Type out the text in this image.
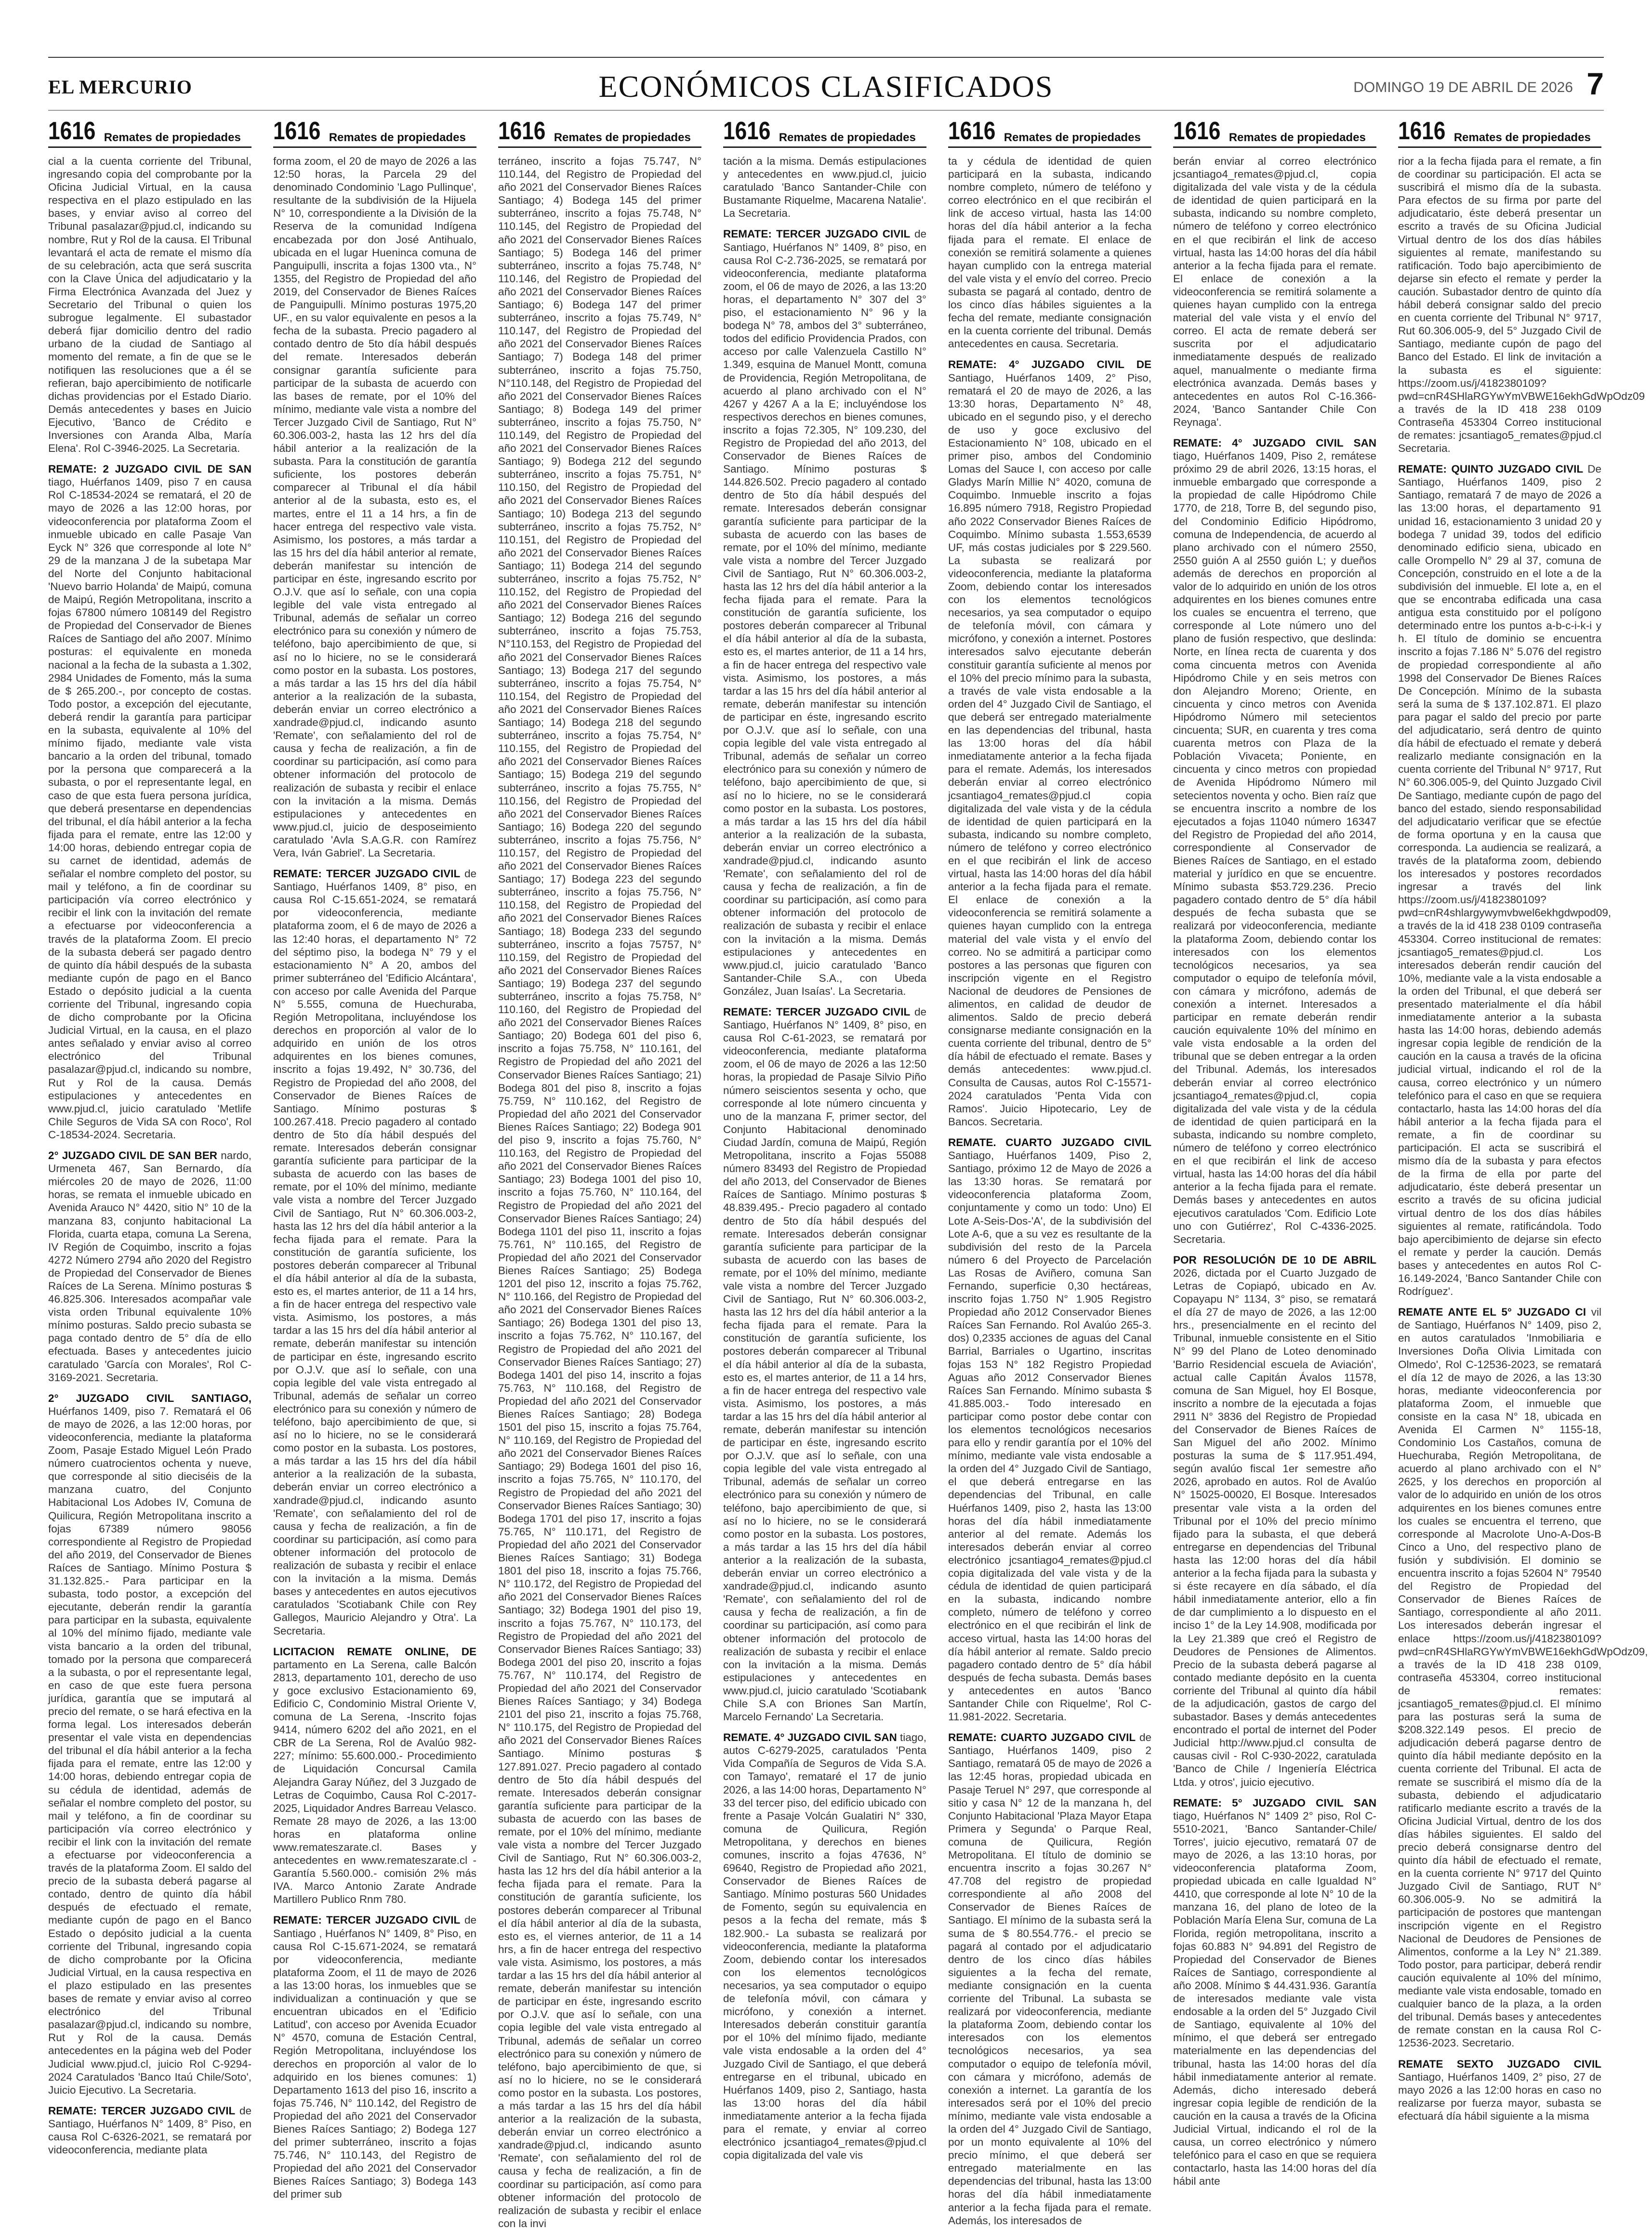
EL MERCURIO	ECONÓMICOS CLASIFICADOS	DOMINGO 19 DE ABRIL DE 2026 7
1616 Remates de propiedades

cial a la cuenta corriente del Tribunal, ingresando copia del comprobante por la Oficina Judicial Virtual, en la causa respectiva en el plazo estipulado en las bases, y enviar aviso al correo del Tribunal pasalazar@pjud.cl, indicando su nombre, Rut y Rol de la causa. El Tribunal levantará el acta de remate el mismo día de su celebración, acta que será suscrita con la Clave Única del adjudicatario y la Firma Electrónica Avanzada del Juez y Secretario del Tribunal o quien los subrogue legalmente. El subastador deberá fijar domicilio dentro del radio urbano de la ciudad de Santiago al momento del remate, a fin de que se le notifiquen las resoluciones que a él se refieran, bajo apercibimiento de notificarle dichas providencias por el Estado Diario. Demás antecedentes y bases en Juicio Ejecutivo, 'Banco de Crédito e Inversiones con Aranda Alba, María Elena'. Rol C-3946-2025. La Secretaria.

REMATE: 2 JUZGADO CIVIL DE SAN tiago, Huérfanos 1409, piso 7 en causa Rol C-18534-2024 se rematará, el 20 de mayo de 2026 a las 12:00 horas, por videoconferencia por plataforma Zoom el inmueble ubicado en calle Pasaje Van Eyck N° 326 que corresponde al lote N° 29 de la manzana J de la subetapa Mar del Norte del Conjunto habitacional 'Nuevo barrio Holanda' de Maipú, comuna de Maipú, Región Metropolitana, inscrito a fojas 67800 número 108149 del Registro de Propiedad del Conservador de Bienes Raíces de Santiago del año 2007. Mínimo posturas: el equivalente en moneda nacional a la fecha de la subasta a 1.302, 2984 Unidades de Fomento, más la suma de $ 265.200.-, por concepto de costas. Todo postor, a excepción del ejecutante, deberá rendir la garantía para participar en la subasta, equivalente al 10% del mínimo fijado, mediante vale vista bancario a la orden del tribunal, tomado por la persona que comparecerá a la subasta, o por el representante legal, en caso de que esta fuera persona jurídica, que deberá presentarse en dependencias del tribunal, el día hábil anterior a la fecha fijada para el remate, entre las 12:00 y 14:00 horas, debiendo entregar copia de su carnet de identidad, además de señalar el nombre completo del postor, su mail y teléfono, a fin de coordinar su participación vía correo electrónico y recibir el link con la invitación del remate a efectuarse por videoconferencia a través de la plataforma Zoom. El precio de la subasta deberá ser pagado dentro de quinto día hábil después de la subasta mediante cupón de pago en el Banco Estado o depósito judicial a la cuenta corriente del Tribunal, ingresando copia de dicho comprobante por la Oficina Judicial Virtual, en la causa, en el plazo antes señalado y enviar aviso al correo electrónico del Tribunal pasalazar@pjud.cl, indicando su nombre, Rut y Rol de la causa. Demás estipulaciones y antecedentes en www.pjud.cl, juicio caratulado 'Metlife Chile Seguros de Vida SA con Roco', Rol C-18534-2024. Secretaria.

2° JUZGADO CIVIL DE SAN BER nardo, Urmeneta 467, San Bernardo, día miércoles 20 de mayo de 2026, 11:00 horas, se remata el inmueble ubicado en Avenida Arauco N° 4420, sitio N° 10 de la manzana 83, conjunto habitacional La Florida, cuarta etapa, comuna La Serena, IV Región de Coquimbo, inscrito a fojas 4272 Número 2794 año 2020 del Registro de Propiedad del Conservador de Bienes Raíces de La Serena. Mínimo posturas $ 46.825.306. Interesados acompañar vale vista orden Tribunal equivalente 10% mínimo posturas. Saldo precio subasta se paga contado dentro de 5° día de ello efectuada. Bases y antecedentes juicio caratulado 'García con Morales', Rol C-3169-2021. Secretaria.

2° JUZGADO CIVIL SANTIAGO, Huérfanos 1409, piso 7. Rematará el 06 de mayo de 2026, a las 12:00 horas, por videoconferencia, mediante la plataforma Zoom, Pasaje Estado Miguel León Prado número cuatrocientos ochenta y nueve, que corresponde al sitio dieciséis de la manzana cuatro, del Conjunto Habitacional Los Adobes IV, Comuna de Quilicura, Región Metropolitana inscrito a fojas 67389 número 98056 correspondiente al Registro de Propiedad del año 2019, del Conservador de Bienes Raíces de Santiago. Mínimo Postura $ 31.132.825.- Para participar en la subasta, todo postor, a excepción del ejecutante, deberán rendir la garantía para participar en la subasta, equivalente al 10% del mínimo fijado, mediante vale vista bancario a la orden del tribunal, tomado por la persona que comparecerá a la subasta, o por el representante legal, en caso de que este fuera persona jurídica, garantía que se imputará al precio del remate, o se hará efectiva en la forma legal. Los interesados deberán presentar el vale vista en dependencias del tribunal el día hábil anterior a la fecha fijada para el remate, entre las 12:00 y 14:00 horas, debiendo entregar copia de su cédula de identidad, además de señalar el nombre completo del postor, su mail y teléfono, a fin de coordinar su participación vía correo electrónico y recibir el link con la invitación del remate a efectuarse por videoconferencia a través de la plataforma Zoom. El saldo del precio de la subasta deberá pagarse al contado, dentro de quinto día hábil después de efectuado el remate, mediante cupón de pago en el Banco Estado o depósito judicial a la cuenta corriente del Tribunal, ingresando copia de dicho comprobante por la Oficina Judicial Virtual, en la causa respectiva en el plazo estipulado en las presentes bases de remate y enviar aviso al correo electrónico del Tribunal pasalazar@pjud.cl, indicando su nombre, Rut y Rol de la causa. Demás antecedentes en la página web del Poder Judicial www.pjud.cl, juicio Rol C-9294-2024 Caratulados 'Banco Itaú Chile/Soto', Juicio Ejecutivo. La Secretaria.

REMATE: TERCER JUZGADO CIVIL de Santiago, Huérfanos N° 1409, 8° Piso, en causa Rol C-6326-2021, se rematará por videoconferencia, mediante plata

1616 Remates de propiedades

forma zoom, el 20 de mayo de 2026 a las 12:50 horas, la Parcela 29 del denominado Condominio 'Lago Pullinque', resultante de la subdivisión de la Hijuela N° 10, correspondiente a la División de la Reserva de la comunidad Indígena encabezada por don José Antihualo, ubicada en el lugar Hueninca comuna de Panguipulli, inscrita a fojas 1300 vta., N° 1355, del Registro de Propiedad del año 2019, del Conservador de Bienes Raíces de Panguipulli. Mínimo posturas 1975,20 UF., en su valor equivalente en pesos a la fecha de la subasta. Precio pagadero al contado dentro de 5to día hábil después del remate. Interesados deberán consignar garantía suficiente para participar de la subasta de acuerdo con las bases de remate, por el 10% del mínimo, mediante vale vista a nombre del Tercer Juzgado Civil de Santiago, Rut N° 60.306.003-2, hasta las 12 hrs del día hábil anterior a la realización de la subasta. Para la constitución de garantía suficiente, los postores deberán comparecer al Tribunal el día hábil anterior al de la subasta, esto es, el martes, entre el 11 a 14 hrs, a fin de hacer entrega del respectivo vale vista. Asimismo, los postores, a más tardar a las 15 hrs del día hábil anterior al remate, deberán manifestar su intención de participar en éste, ingresando escrito por O.J.V. que así lo señale, con una copia legible del vale vista entregado al Tribunal, además de señalar un correo electrónico para su conexión y número de teléfono, bajo apercibimiento de que, si así no lo hiciere, no se le considerará como postor en la subasta. Los postores, a más tardar a las 15 hrs del día hábil anterior a la realización de la subasta, deberán enviar un correo electrónico a xandrade@pjud.cl, indicando asunto 'Remate', con señalamiento del rol de causa y fecha de realización, a fin de coordinar su participación, así como para obtener información del protocolo de realización de subasta y recibir el enlace con la invitación a la misma. Demás estipulaciones y antecedentes en www.pjud.cl, juicio de desposeimiento caratulado 'Avla S.A.G.R. con Ramírez Vera, Iván Gabriel'. La Secretaria.

REMATE: TERCER JUZGADO CIVIL de Santiago, Huérfanos 1409, 8° piso, en causa Rol C-15.651-2024, se rematará por videoconferencia, mediante plataforma zoom, el 6 de mayo de 2026 a las 12:40 horas, el departamento N° 72 del séptimo piso, la bodega N° 79 y el estacionamiento N° A 20, ambos del primer subterráneo del 'Edificio Alcántara', con acceso por calle Avenida del Parque N° 5.555, comuna de Huechuraba, Región Metropolitana, incluyéndose los derechos en proporción al valor de lo adquirido en unión de los otros adquirentes en los bienes comunes, inscrito a fojas 19.492, N° 30.736, del Registro de Propiedad del año 2008, del Conservador de Bienes Raíces de Santiago. Mínimo posturas $ 100.267.418. Precio pagadero al contado dentro de 5to día hábil después del remate. Interesados deberán consignar garantía suficiente para participar de la subasta de acuerdo con las bases de remate, por el 10% del mínimo, mediante vale vista a nombre del Tercer Juzgado Civil de Santiago, Rut N° 60.306.003-2, hasta las 12 hrs del día hábil anterior a la fecha fijada para el remate. Para la constitución de garantía suficiente, los postores deberán comparecer al Tribunal el día hábil anterior al día de la subasta, esto es, el martes anterior, de 11 a 14 hrs, a fin de hacer entrega del respectivo vale vista. Asimismo, los postores, a más tardar a las 15 hrs del día hábil anterior al remate, deberán manifestar su intención de participar en éste, ingresando escrito por O.J.V. que así lo señale, con una copia legible del vale vista entregado al Tribunal, además de señalar un correo electrónico para su conexión y número de teléfono, bajo apercibimiento de que, si así no lo hiciere, no se le considerará como postor en la subasta. Los postores, a más tardar a las 15 hrs del día hábil anterior a la realización de la subasta, deberán enviar un correo electrónico a xandrade@pjud.cl, indicando asunto 'Remate', con señalamiento del rol de causa y fecha de realización, a fin de coordinar su participación, así como para obtener información del protocolo de realización de subasta y recibir el enlace con la invitación a la misma. Demás bases y antecedentes en autos ejecutivos caratulados 'Scotiabank Chile con Rey Gallegos, Mauricio Alejandro y Otra'. La Secretaria.

LICITACION REMATE ONLINE, DE partamento en La Serena, calle Balcón 2813, departamento 101, derecho de uso y goce exclusivo Estacionamiento 69, Edificio C, Condominio Mistral Oriente V, comuna de La Serena, -Inscrito fojas 9414, número 6202 del año 2021, en el CBR de La Serena, Rol de Avalúo 982-227; mínimo: 55.600.000.- Procedimiento de Liquidación Concursal Camila Alejandra Garay Núñez, del 3 Juzgado de Letras de Coquimbo, Causa Rol C-2017-2025, Liquidador Andres Barreau Velasco. Remate 28 mayo de 2026, a las 13:00 horas en plataforma online www.remateszarate.cl. Bases y antecedentes en www.remateszarate.cl - Garantía 5.560.000.- comisión 2% más IVA. Marco Antonio Zarate Andrade Martillero Publico Rnm 780.

REMATE: TERCER JUZGADO CIVIL de Santiago , Huérfanos N° 1409, 8° Piso, en causa Rol C-15.671-2024, se rematará por videoconferencia, mediante plataforma Zoom, el 11 de mayo de 2026 a las 13:00 horas, los inmuebles que se individualizan a continuación y que se encuentran ubicados en el 'Edificio Latitud', con acceso por Avenida Ecuador N° 4570, comuna de Estación Central, Región Metropolitana, incluyéndose los derechos en proporción al valor de lo adquirido en los bienes comunes: 1) Departamento 1613 del piso 16, inscrito a fojas 75.746, N° 110.142, del Registro de Propiedad del año 2021 del Conservador Bienes Raíces Santiago; 2) Bodega 127 del primer subterráneo, inscrito a fojas 75.746, N° 110.143, del Registro de Propiedad del año 2021 del Conservador Bienes Raíces Santiago; 3) Bodega 143 del primer sub

1616 Remates de propiedades

terráneo, inscrito a fojas 75.747, N° 110.144, del Registro de Propiedad del año 2021 del Conservador Bienes Raíces Santiago; 4) Bodega 145 del primer subterráneo, inscrito a fojas 75.748, N° 110.145, del Registro de Propiedad del año 2021 del Conservador Bienes Raíces Santiago; 5) Bodega 146 del primer subterráneo, inscrito a fojas 75.748, N° 110.146, del Registro de Propiedad del año 2021 del Conservador Bienes Raíces Santiago; 6) Bodega 147 del primer subterráneo, inscrito a fojas 75.749, N° 110.147, del Registro de Propiedad del año 2021 del Conservador Bienes Raíces Santiago; 7) Bodega 148 del primer subterráneo, inscrito a fojas 75.750, N°110.148, del Registro de Propiedad del año 2021 del Conservador Bienes Raíces Santiago; 8) Bodega 149 del primer subterráneo, inscrito a fojas 75.750, N° 110.149, del Registro de Propiedad del año 2021 del Conservador Bienes Raíces Santiago; 9) Bodega 212 del segundo subterráneo, inscrito a fojas 75.751, N° 110.150, del Registro de Propiedad del año 2021 del Conservador Bienes Raíces Santiago; 10) Bodega 213 del segundo subterráneo, inscrito a fojas 75.752, N° 110.151, del Registro de Propiedad del año 2021 del Conservador Bienes Raíces Santiago; 11) Bodega 214 del segundo subterráneo, inscrito a fojas 75.752, N° 110.152, del Registro de Propiedad del año 2021 del Conservador Bienes Raíces Santiago; 12) Bodega 216 del segundo subterráneo, inscrito a fojas 75.753, N°110.153, del Registro de Propiedad del año 2021 del Conservador Bienes Raíces Santiago; 13) Bodega 217 del segundo subterráneo, inscrito a fojas 75.754, N° 110.154, del Registro de Propiedad del año 2021 del Conservador Bienes Raíces Santiago; 14) Bodega 218 del segundo subterráneo, inscrito a fojas 75.754, N° 110.155, del Registro de Propiedad del año 2021 del Conservador Bienes Raíces Santiago; 15) Bodega 219 del segundo subterráneo, inscrito a fojas 75.755, N° 110.156, del Registro de Propiedad del año 2021 del Conservador Bienes Raíces Santiago; 16) Bodega 220 del segundo subterráneo, inscrito a fojas 75.756, N° 110.157, del Registro de Propiedad del año 2021 del Conservador Bienes Raíces Santiago; 17) Bodega 223 del segundo subterráneo, inscrito a fojas 75.756, N° 110.158, del Registro de Propiedad del año 2021 del Conservador Bienes Raíces Santiago; 18) Bodega 233 del segundo subterráneo, inscrito a fojas 75757, N° 110.159, del Registro de Propiedad del año 2021 del Conservador Bienes Raíces Santiago; 19) Bodega 237 del segundo subterráneo, inscrito a fojas 75.758, N° 110.160, del Registro de Propiedad del año 2021 del Conservador Bienes Raíces Santiago; 20) Bodega 601 del piso 6, inscrito a fojas 75.758, N° 110.161, del Registro de Propiedad del año 2021 del Conservador Bienes Raíces Santiago; 21) Bodega 801 del piso 8, inscrito a fojas 75.759, N° 110.162, del Registro de Propiedad del año 2021 del Conservador Bienes Raíces Santiago; 22) Bodega 901 del piso 9, inscrito a fojas 75.760, N° 110.163, del Registro de Propiedad del año 2021 del Conservador Bienes Raíces Santiago; 23) Bodega 1001 del piso 10, inscrito a fojas 75.760, N° 110.164, del Registro de Propiedad del año 2021 del Conservador Bienes Raíces Santiago; 24) Bodega 1101 del piso 11, inscrito a fojas 75.761, N° 110.165, del Registro de Propiedad del año 2021 del Conservador Bienes Raíces Santiago; 25) Bodega 1201 del piso 12, inscrito a fojas 75.762, N° 110.166, del Registro de Propiedad del año 2021 del Conservador Bienes Raíces Santiago; 26) Bodega 1301 del piso 13, inscrito a fojas 75.762, N° 110.167, del Registro de Propiedad del año 2021 del Conservador Bienes Raíces Santiago; 27) Bodega 1401 del piso 14, inscrito a fojas 75.763, N° 110.168, del Registro de Propiedad del año 2021 del Conservador Bienes Raíces Santiago; 28) Bodega 1501 del piso 15, inscrito a fojas 75.764, N° 110.169, del Registro de Propiedad del año 2021 del Conservador Bienes Raíces Santiago; 29) Bodega 1601 del piso 16, inscrito a fojas 75.765, N° 110.170, del Registro de Propiedad del año 2021 del Conservador Bienes Raíces Santiago; 30) Bodega 1701 del piso 17, inscrito a fojas 75.765, N° 110.171, del Registro de Propiedad del año 2021 del Conservador Bienes Raíces Santiago; 31) Bodega 1801 del piso 18, inscrito a fojas 75.766, N° 110.172, del Registro de Propiedad del año 2021 del Conservador Bienes Raíces Santiago; 32) Bodega 1901 del piso 19, inscrito a fojas 75.767, N° 110.173, del Registro de Propiedad del año 2021 del Conservador Bienes Raíces Santiago; 33) Bodega 2001 del piso 20, inscrito a fojas 75.767, N° 110.174, del Registro de Propiedad del año 2021 del Conservador Bienes Raíces Santiago; y 34) Bodega 2101 del piso 21, inscrito a fojas 75.768, N° 110.175, del Registro de Propiedad del año 2021 del Conservador Bienes Raíces Santiago. Mínimo posturas $ 127.891.027. Precio pagadero al contado dentro de 5to día hábil después del remate. Interesados deberán consignar garantía suficiente para participar de la subasta de acuerdo con las bases de remate, por el 10% del mínimo, mediante vale vista a nombre del Tercer Juzgado Civil de Santiago, Rut N° 60.306.003-2, hasta las 12 hrs del día hábil anterior a la fecha fijada para el remate. Para la constitución de garantía suficiente, los postores deberán comparecer al Tribunal el día hábil anterior al día de la subasta, esto es, el viernes anterior, de 11 a 14 hrs, a fin de hacer entrega del respectivo vale vista. Asimismo, los postores, a más tardar a las 15 hrs del día hábil anterior al remate, deberán manifestar su intención de participar en éste, ingresando escrito por O.J.V. que así lo señale, con una copia legible del vale vista entregado al Tribunal, además de señalar un correo electrónico para su conexión y número de teléfono, bajo apercibimiento de que, si así no lo hiciere, no se le considerará como postor en la subasta. Los postores, a más tardar a las 15 hrs del día hábil anterior a la realización de la subasta, deberán enviar un correo electrónico a xandrade@pjud.cl, indicando asunto 'Remate', con señalamiento del rol de causa y fecha de realización, a fin de coordinar su participación, así como para obtener información del protocolo de realización de subasta y recibir el enlace con la invi

1616 Remates de propiedades

tación a la misma. Demás estipulaciones y antecedentes en www.pjud.cl, juicio caratulado 'Banco Santander-Chile con Bustamante Riquelme, Macarena Natalie'. La Secretaria.

REMATE: TERCER JUZGADO CIVIL de Santiago, Huérfanos N° 1409, 8° piso, en causa Rol C-2.736-2025, se rematará por videoconferencia, mediante plataforma zoom, el 06 de mayo de 2026, a las 13:20 horas, el departamento N° 307 del 3° piso, el estacionamiento N° 96 y la bodega N° 78, ambos del 3° subterráneo, todos del edificio Providencia Prados, con acceso por calle Valenzuela Castillo N° 1.349, esquina de Manuel Montt, comuna de Providencia, Región Metropolitana, de acuerdo al plano archivado con el N° 4267 y 4267 A a la E; incluyéndose los respectivos derechos en bienes comunes, inscrito a fojas 72.305, N° 109.230, del Registro de Propiedad del año 2013, del Conservador de Bienes Raíces de Santiago. Mínimo posturas $ 144.826.502. Precio pagadero al contado dentro de 5to día hábil después del remate. Interesados deberán consignar garantía suficiente para participar de la subasta de acuerdo con las bases de remate, por el 10% del mínimo, mediante vale vista a nombre del Tercer Juzgado Civil de Santiago, Rut N° 60.306.003-2, hasta las 12 hrs del día hábil anterior a la fecha fijada para el remate. Para la constitución de garantía suficiente, los postores deberán comparecer al Tribunal el día hábil anterior al día de la subasta, esto es, el martes anterior, de 11 a 14 hrs, a fin de hacer entrega del respectivo vale vista. Asimismo, los postores, a más tardar a las 15 hrs del día hábil anterior al remate, deberán manifestar su intención de participar en éste, ingresando escrito por O.J.V. que así lo señale, con una copia legible del vale vista entregado al Tribunal, además de señalar un correo electrónico para su conexión y número de teléfono, bajo apercibimiento de que, si así no lo hiciere, no se le considerará como postor en la subasta. Los postores, a más tardar a las 15 hrs del día hábil anterior a la realización de la subasta, deberán enviar un correo electrónico a xandrade@pjud.cl, indicando asunto 'Remate', con señalamiento del rol de causa y fecha de realización, a fin de coordinar su participación, así como para obtener información del protocolo de realización de subasta y recibir el enlace con la invitación a la misma. Demás estipulaciones y antecedentes en www.pjud.cl, juicio caratulado 'Banco Santander-Chile S.A., con Ubeda González, Juan Isaías'. La Secretaria.

REMATE: TERCER JUZGADO CIVIL de Santiago, Huérfanos N° 1409, 8° piso, en causa Rol C-61-2023, se rematará por videoconferencia, mediante plataforma zoom, el 06 de mayo de 2026 a las 12:50 horas, la propiedad de Pasaje Silvio Piño número seiscientos sesenta y ocho, que corresponde al lote número cincuenta y uno de la manzana F, primer sector, del Conjunto Habitacional denominado Ciudad Jardín, comuna de Maipú, Región Metropolitana, inscrito a Fojas 55088 número 83493 del Registro de Propiedad del año 2013, del Conservador de Bienes Raíces de Santiago. Mínimo posturas $ 48.839.495.- Precio pagadero al contado dentro de 5to día hábil después del remate. Interesados deberán consignar garantía suficiente para participar de la subasta de acuerdo con las bases de remate, por el 10% del mínimo, mediante vale vista a nombre del Tercer Juzgado Civil de Santiago, Rut N° 60.306.003-2, hasta las 12 hrs del día hábil anterior a la fecha fijada para el remate. Para la constitución de garantía suficiente, los postores deberán comparecer al Tribunal el día hábil anterior al día de la subasta, esto es, el martes anterior, de 11 a 14 hrs, a fin de hacer entrega del respectivo vale vista. Asimismo, los postores, a más tardar a las 15 hrs del día hábil anterior al remate, deberán manifestar su intención de participar en éste, ingresando escrito por O.J.V. que así lo señale, con una copia legible del vale vista entregado al Tribunal, además de señalar un correo electrónico para su conexión y número de teléfono, bajo apercibimiento de que, si así no lo hiciere, no se le considerará como postor en la subasta. Los postores, a más tardar a las 15 hrs del día hábil anterior a la realización de la subasta, deberán enviar un correo electrónico a xandrade@pjud.cl, indicando asunto 'Remate', con señalamiento del rol de causa y fecha de realización, a fin de coordinar su participación, así como para obtener información del protocolo de realización de subasta y recibir el enlace con la invitación a la misma. Demás estipulaciones y antecedentes en www.pjud.cl, juicio caratulado 'Scotiabank Chile S.A con Briones San Martín, Marcelo Fernando' La Secretaria.

REMATE. 4° JUZGADO CIVIL SAN tiago, autos C-6279-2025, caratulados 'Penta Vida Compañía de Seguros de Vida S.A. con Tamayo', remataré el 17 de junio 2026, a las 14:00 horas, Departamento N° 33 del tercer piso, del edificio ubicado con frente a Pasaje Volcán Gualatiri N° 330, comuna de Quilicura, Región Metropolitana, y derechos en bienes comunes, inscrito a fojas 47636, N° 69640, Registro de Propiedad año 2021, Conservador de Bienes Raíces de Santiago. Mínimo posturas 560 Unidades de Fomento, según su equivalencia en pesos a la fecha del remate, más $ 182.900.- La subasta se realizará por videoconferencia, mediante la plataforma Zoom, debiendo contar los interesados con los elementos tecnológicos necesarios, ya sea computador o equipo de telefonía móvil, con cámara y micrófono, y conexión a internet. Interesados deberán constituir garantía por el 10% del mínimo fijado, mediante vale vista endosable a la orden del 4° Juzgado Civil de Santiago, el que deberá entregarse en el tribunal, ubicado en Huérfanos 1409, piso 2, Santiago, hasta las 13:00 horas del día hábil inmediatamente anterior a la fecha fijada para el remate, y enviar al correo electrónico jcsantiago4_remates@pjud.cl copia digitalizada del vale vis

1616 Remates de propiedades

ta y cédula de identidad de quien participará en la subasta, indicando nombre completo, número de teléfono y correo electrónico en el que recibirán el link de acceso virtual, hasta las 14:00 horas del día hábil anterior a la fecha fijada para el remate. El enlace de conexión se remitirá solamente a quienes hayan cumplido con la entrega material del vale vista y el envío del correo. Precio subasta se pagará al contado, dentro de los cinco días hábiles siguientes a la fecha del remate, mediante consignación en la cuenta corriente del tribunal. Demás antecedentes en causa. Secretaria.

REMATE: 4° JUZGADO CIVIL DE Santiago, Huérfanos 1409, 2° Piso, rematará el 20 de mayo de 2026, a las 13:30 horas, Departamento N° 48, ubicado en el segundo piso, y el derecho de uso y goce exclusivo del Estacionamiento N° 108, ubicado en el primer piso, ambos del Condominio Lomas del Sauce I, con acceso por calle Gladys Marín Millie N° 4020, comuna de Coquimbo. Inmueble inscrito a fojas 16.895 número 7918, Registro Propiedad año 2022 Conservador Bienes Raíces de Coquimbo. Mínimo subasta 1.553,6539 UF, más costas judiciales por $ 229.560. La subasta se realizará por videoconferencia, mediante la plataforma Zoom, debiendo contar los interesados con los elementos tecnológicos necesarios, ya sea computador o equipo de telefonía móvil, con cámara y micrófono, y conexión a internet. Postores interesados salvo ejecutante deberán constituir garantía suficiente al menos por el 10% del precio mínimo para la subasta, a través de vale vista endosable a la orden del 4° Juzgado Civil de Santiago, el que deberá ser entregado materialmente en las dependencias del tribunal, hasta las 13:00 horas del día hábil inmediatamente anterior a la fecha fijada para el remate. Además, los interesados deberán enviar al correo electrónico jcsantiago4_remates@pjud.cl copia digitalizada del vale vista y de la cédula de identidad de quien participará en la subasta, indicando su nombre completo, número de teléfono y correo electrónico en el que recibirán el link de acceso virtual, hasta las 14:00 horas del día hábil anterior a la fecha fijada para el remate. El enlace de conexión a la videoconferencia se remitirá solamente a quienes hayan cumplido con la entrega material del vale vista y el envío del correo. No se admitirá a participar como postores a las personas que figuren con inscripción vigente en el Registro Nacional de deudores de Pensiones de alimentos, en calidad de deudor de alimentos. Saldo de precio deberá consignarse mediante consignación en la cuenta corriente del tribunal, dentro de 5° día hábil de efectuado el remate. Bases y demás antecedentes: www.pjud.cl. Consulta de Causas, autos Rol C-15571-2024 caratulados 'Penta Vida con Ramos'. Juicio Hipotecario, Ley de Bancos. Secretaria.

REMATE. CUARTO JUZGADO CIVIL Santiago, Huérfanos 1409, Piso 2, Santiago, próximo 12 de Mayo de 2026 a las 13:30 horas. Se rematará por videoconferencia plataforma Zoom, conjuntamente y como un todo: Uno) El Lote A-Seis-Dos-'A', de la subdivisión del Lote A-6, que a su vez es resultante de la subdivisión del resto de la Parcela número 6 del Proyecto de Parcelación Las Rosas de Aviñero, comuna San Fernando, superficie 0,30 hectáreas, inscrito fojas 1.750 N° 1.905 Registro Propiedad año 2012 Conservador Bienes Raíces San Fernando. Rol Avalúo 265-3. dos) 0,2335 acciones de aguas del Canal Barrial, Barriales o Ugartino, inscritas fojas 153 N° 182 Registro Propiedad Aguas año 2012 Conservador Bienes Raíces San Fernando. Mínimo subasta $ 41.885.003.- Todo interesado en participar como postor debe contar con los elementos tecnológicos necesarios para ello y rendir garantía por el 10% del mínimo, mediante vale vista endosable a la orden del 4° Juzgado Civil de Santiago, el que deberá entregarse en las dependencias del Tribunal, en calle Huérfanos 1409, piso 2, hasta las 13:00 horas del día hábil inmediatamente anterior al del remate. Además los interesados deberán enviar al correo electrónico jcsantiago4_remates@pjud.cl copia digitalizada del vale vista y de la cédula de identidad de quien participará en la subasta, indicando nombre completo, número de teléfono y correo electrónico en el que recibirán el link de acceso virtual, hasta las 14:00 horas del día hábil anterior al remate. Saldo precio pagadero contado dentro de 5° día hábil después de fecha subasta. Demás bases y antecedentes en autos 'Banco Santander Chile con Riquelme', Rol C-11.981-2022. Secretaria.

REMATE: CUARTO JUZGADO CIVIL de Santiago, Huérfanos 1409, piso 2 Santiago, rematará 05 de mayo de 2026 a las 12:45 horas, propiedad ubicada en Pasaje Teruel N° 297, que corresponde al sitio y casa N° 12 de la manzana h, del Conjunto Habitacional 'Plaza Mayor Etapa Primera y Segunda' o Parque Real, comuna de Quilicura, Región Metropolitana. El título de dominio se encuentra inscrito a fojas 30.267 N° 47.708 del registro de propiedad correspondiente al año 2008 del Conservador de Bienes Raíces de Santiago. El mínimo de la subasta será la suma de $ 80.554.776.- el precio se pagará al contado por el adjudicatario dentro de los cinco días hábiles siguientes a la fecha del remate, mediante consignación en la cuenta corriente del Tribunal. La subasta se realizará por videoconferencia, mediante la plataforma Zoom, debiendo contar los interesados con los elementos tecnológicos necesarios, ya sea computador o equipo de telefonía móvil, con cámara y micrófono, además de conexión a internet. La garantía de los interesados será por el 10% del precio mínimo, mediante vale vista endosable a la orden del 4° Juzgado Civil de Santiago, por un monto equivalente al 10% del precio mínimo, el que deberá ser entregado materialmente en las dependencias del tribunal, hasta las 13:00 horas del día hábil inmediatamente anterior a la fecha fijada para el remate. Además, los interesados de

1616 Remates de propiedades

berán enviar al correo electrónico jcsantiago4_remates@pjud.cl, copia digitalizada del vale vista y de la cédula de identidad de quien participará en la subasta, indicando su nombre completo, número de teléfono y correo electrónico en el que recibirán el link de acceso virtual, hasta las 14:00 horas del día hábil anterior a la fecha fijada para el remate. El enlace de conexión a la videoconferencia se remitirá solamente a quienes hayan cumplido con la entrega material del vale vista y el envío del correo. El acta de remate deberá ser suscrita por el adjudicatario inmediatamente después de realizado aquel, manualmente o mediante firma electrónica avanzada. Demás bases y antecedentes en autos Rol C-16.366-2024, 'Banco Santander Chile Con Reynaga'.

REMATE: 4° JUZGADO CIVIL SAN tiago, Huérfanos 1409, Piso 2, remátese próximo 29 de abril 2026, 13:15 horas, el inmueble embargado que corresponde a la propiedad de calle Hipódromo Chile 1770, de 218, Torre B, del segundo piso, del Condominio Edificio Hipódromo, comuna de Independencia, de acuerdo al plano archivado con el número 2550, 2550 guión A al 2550 guión L; y dueños además de derechos en proporción al valor de lo adquirido en unión de los otros adquirentes en los bienes comunes entre los cuales se encuentra el terreno, que corresponde al Lote número uno del plano de fusión respectivo, que deslinda: Norte, en línea recta de cuarenta y dos coma cincuenta metros con Avenida Hipódromo Chile y en seis metros con don Alejandro Moreno; Oriente, en cincuenta y cinco metros con Avenida Hipódromo Número mil setecientos cincuenta; SUR, en cuarenta y tres coma cuarenta metros con Plaza de la Población Vivaceta; Poniente, en cincuenta y cinco metros con propiedad de Avenida Hipódromo Número mil setecientos noventa y ocho. Bien raíz que se encuentra inscrito a nombre de los ejecutados a fojas 11040 número 16347 del Registro de Propiedad del año 2014, correspondiente al Conservador de Bienes Raíces de Santiago, en el estado material y jurídico en que se encuentre. Mínimo subasta $53.729.236. Precio pagadero contado dentro de 5° día hábil después de fecha subasta que se realizará por videoconferencia, mediante la plataforma Zoom, debiendo contar los interesados con los elementos tecnológicos necesarios, ya sea computador o equipo de telefonía móvil, con cámara y micrófono, además de conexión a internet. Interesados a participar en remate deberán rendir caución equivalente 10% del mínimo en vale vista endosable a la orden del tribunal que se deben entregar a la orden del Tribunal. Además, los interesados deberán enviar al correo electrónico jcsantiago4_remates@pjud.cl, copia digitalizada del vale vista y de la cédula de identidad de quien participará en la subasta, indicando su nombre completo, número de teléfono y correo electrónico en el que recibirán el link de acceso virtual, hasta las 14:00 horas del día hábil anterior a la fecha fijada para el remate. Demás bases y antecedentes en autos ejecutivos caratulados 'Com. Edificio Lote uno con Gutiérrez', Rol C-4336-2025. Secretaria.

POR RESOLUCIÓN DE 10 DE ABRIL 2026, dictada por el Cuarto Juzgado de Letras de Copiapó, ubicado en Av. Copayapu N° 1134, 3° piso, se rematará el día 27 de mayo de 2026, a las 12:00 hrs., presencialmente en el recinto del Tribunal, inmueble consistente en el Sitio N° 99 del Plano de Loteo denominado 'Barrio Residencial escuela de Aviación', actual calle Capitán Ávalos 11578, comuna de San Miguel, hoy El Bosque, inscrito a nombre de la ejecutada a fojas 2911 N° 3836 del Registro de Propiedad del Conservador de Bienes Raíces de San Miguel del año 2002. Mínimo posturas la suma de $ 117.951.494, según avalúo fiscal 1er semestre año 2026, aprobado en autos. Rol de Avalúo N° 15025-00020, El Bosque. Interesados presentar vale vista a la orden del Tribunal por el 10% del precio mínimo fijado para la subasta, el que deberá entregarse en dependencias del Tribunal hasta las 12:00 horas del día hábil anterior a la fecha fijada para la subasta y si éste recayere en día sábado, el día hábil inmediatamente anterior, ello a fin de dar cumplimiento a lo dispuesto en el inciso 1° de la Ley 14.908, modificada por la Ley 21.389 que creó el Registro de Deudores de Pensiones de Alimentos. Precio de la subasta deberá pagarse al contado mediante depósito en la cuenta corriente del Tribunal al quinto día hábil de la adjudicación, gastos de cargo del subastador. Bases y demás antecedentes encontrado el portal de internet del Poder Judicial http://www.pjud.cl consulta de causas civil - Rol C-930-2022, caratulada 'Banco de Chile / Ingeniería Eléctrica Ltda. y otros', juicio ejecutivo.

REMATE: 5° JUZGADO CIVIL SAN tiago, Huérfanos N° 1409 2° piso, Rol C-5510-2021, 'Banco Santander-Chile/ Torres', juicio ejecutivo, rematará 07 de mayo de 2026, a las 13:10 horas, por videoconferencia plataforma Zoom, propiedad ubicada en calle Igualdad N° 4410, que corresponde al lote N° 10 de la manzana 16, del plano de loteo de la Población María Elena Sur, comuna de La Florida, región metropolitana, inscrito a fojas 60.883 N° 94.891 del Registro de Propiedad del Conservador de Bienes Raíces de Santiago, correspondiente al año 2008. Mínimo $ 44.431.936. Garantía de interesados mediante vale vista endosable a la orden del 5° Juzgado Civil de Santiago, equivalente al 10% del mínimo, el que deberá ser entregado materialmente en las dependencias del tribunal, hasta las 14:00 horas del día hábil inmediatamente anterior al remate. Además, dicho interesado deberá ingresar copia legible de rendición de la caución en la causa a través de la Oficina Judicial Virtual, indicando el rol de la causa, un correo electrónico y número telefónico para el caso en que se requiera contactarlo, hasta las 14:00 horas del día hábil ante

1616 Remates de propiedades

rior a la fecha fijada para el remate, a fin de coordinar su participación. El acta se suscribirá el mismo día de la subasta. Para efectos de su firma por parte del adjudicatario, éste deberá presentar un escrito a través de su Oficina Judicial Virtual dentro de los dos días hábiles siguientes al remate, manifestando su ratificación. Todo bajo apercibimiento de dejarse sin efecto el remate y perder la caución. Subastador dentro de quinto día hábil deberá consignar saldo del precio en cuenta corriente del Tribunal N° 9717, Rut 60.306.005-9, del 5° Juzgado Civil de Santiago, mediante cupón de pago del Banco del Estado. El link de invitación a la subasta es el siguiente: https://zoom.us/j/4182380109?pwd=cnR4SHlaRGYwYmVBWE16ekhGdWpOdz09 a través de la ID 418 238 0109 Contraseña 453304 Correo institucional de remates: jcsantiago5_remates@pjud.cl Secretaria.

REMATE: QUINTO JUZGADO CIVIL De Santiago, Huérfanos 1409, piso 2 Santiago, rematará 7 de mayo de 2026 a las 13:00 horas, el departamento 91 unidad 16, estacionamiento 3 unidad 20 y bodega 7 unidad 39, todos del edificio denominado edificio siena, ubicado en calle Orompello N° 29 al 37, comuna de Concepción, construido en el lote a de la subdivisión del inmueble. El lote a, en el que se encontraba edificada una casa antigua esta constituido por el polígono determinado entre los puntos a-b-c-i-k-i y h. El título de dominio se encuentra inscrito a fojas 7.186 N° 5.076 del registro de propiedad correspondiente al año 1998 del Conservador De Bienes Raíces De Concepción. Mínimo de la subasta será la suma de $ 137.102.871. El plazo para pagar el saldo del precio por parte del adjudicatario, será dentro de quinto día hábil de efectuado el remate y deberá realizarlo mediante consignación en la cuenta corriente del Tribunal N° 9717, Rut N° 60.306.005-9, del Quinto Juzgado Civil De Santiago, mediante cupón de pago del banco del estado, siendo responsabilidad del adjudicatario verificar que se efectúe de forma oportuna y en la causa que corresponda. La audiencia se realizará, a través de la plataforma zoom, debiendo los interesados y postores recordados ingresar a través del link https://zoom.us/j/4182380109?pwd=cnR4shlargywymvbwel6ekhgdwpod09, a través de la id 418 238 0109 contraseña 453304. Correo institucional de remates: jcsantiago5_remates@pjud.cl. Los interesados deberán rendir caución del 10%, mediante vale a la vista endosable a la orden del Tribunal, el que deberá ser presentado materialmente el día hábil inmediatamente anterior a la subasta hasta las 14:00 horas, debiendo además ingresar copia legible de rendición de la caución en la causa a través de la oficina judicial virtual, indicando el rol de la causa, correo electrónico y un número telefónico para el caso en que se requiera contactarlo, hasta las 14:00 horas del día hábil anterior a la fecha fijada para el remate, a fin de coordinar su participación. El acta se suscribirá el mismo día de la subasta y para efectos de la firma de ella por parte del adjudicatario, éste deberá presentar un escrito a través de su oficina judicial virtual dentro de los dos días hábiles siguientes al remate, ratificándola. Todo bajo apercibimiento de dejarse sin efecto el remate y perder la caución. Demás bases y antecedentes en autos Rol C-16.149-2024, 'Banco Santander Chile con Rodríguez'.

REMATE ANTE EL 5° JUZGADO CI vil de Santiago, Huérfanos N° 1409, piso 2, en autos caratulados 'Inmobiliaria e Inversiones Doña Olivia Limitada con Olmedo', Rol C-12536-2023, se rematará el día 12 de mayo de 2026, a las 13:30 horas, mediante videoconferencia por plataforma Zoom, el inmueble que consiste en la casa N° 18, ubicada en Avenida El Carmen N° 1155-18, Condominio Los Castaños, comuna de Huechuraba, Región Metropolitana, de acuerdo al plano archivado con el N° 2625, y los derechos en proporción al valor de lo adquirido en unión de los otros adquirentes en los bienes comunes entre los cuales se encuentra el terreno, que corresponde al Macrolote Uno-A-Dos-B Cinco a Uno, del respectivo plano de fusión y subdivisión. El dominio se encuentra inscrito a fojas 52604 N° 79540 del Registro de Propiedad del Conservador de Bienes Raíces de Santiago, correspondiente al año 2011. Los interesados deberán ingresar el enlace https://zoom.us/j/4182380109?pwd=cnR4SHlaRGYwYmVBWE16ekhGdWpOdz09, a través de la ID 418 238 0109, contraseña 453304, correo institucional de remates: jcsantiago5_remates@pjud.cl. El mínimo para las posturas será la suma de $208.322.149 pesos. El precio de adjudicación deberá pagarse dentro de quinto día hábil mediante depósito en la cuenta corriente del Tribunal. El acta de remate se suscribirá el mismo día de la subasta, debiendo el adjudicatario ratificarlo mediante escrito a través de la Oficina Judicial Virtual, dentro de los dos días hábiles siguientes. El saldo del precio deberá consignarse dentro del quinto día hábil de efectuado el remate, en la cuenta corriente N° 9717 del Quinto Juzgado Civil de Santiago, RUT N° 60.306.005-9. No se admitirá la participación de postores que mantengan inscripción vigente en el Registro Nacional de Deudores de Pensiones de Alimentos, conforme a la Ley N° 21.389. Todo postor, para participar, deberá rendir caución equivalente al 10% del mínimo, mediante vale vista endosable, tomado en cualquier banco de la plaza, a la orden del tribunal. Demás bases y antecedentes de remate constan en la causa Rol C-12536-2023. Secretario.

REMATE SEXTO JUZGADO CIVIL Santiago, Huérfanos 1409, 2° piso, 27 de mayo 2026 a las 12:00 horas en caso no realizarse por fuerza mayor, subasta se efectuará día hábil siguiente a la misma
